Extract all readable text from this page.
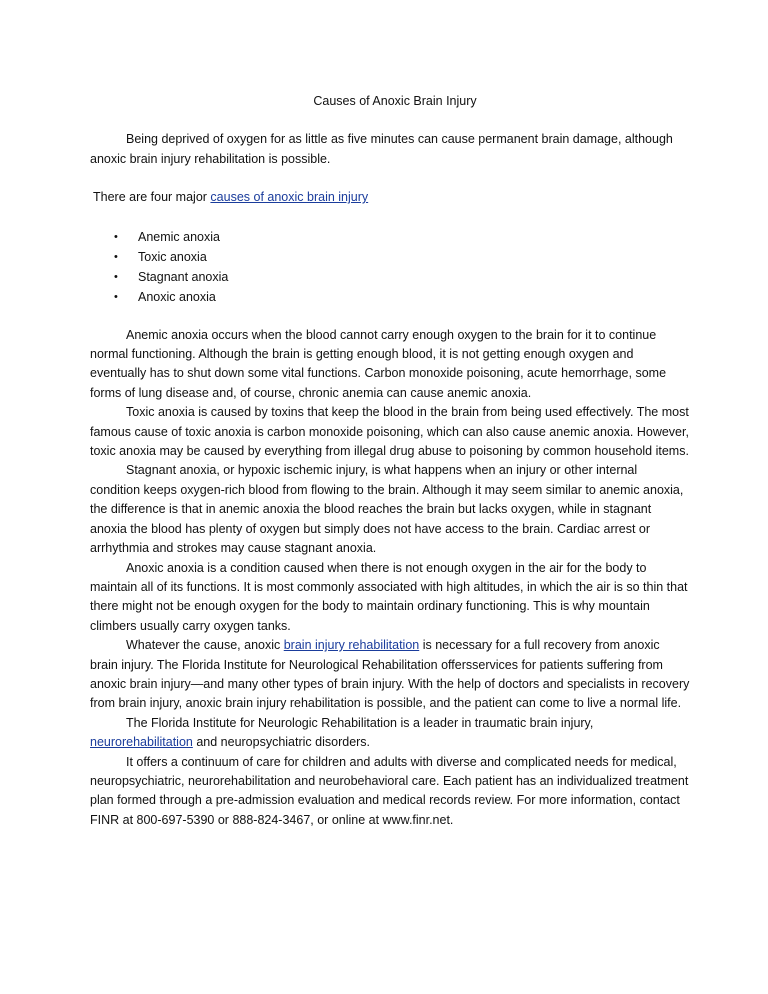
Causes of Anoxic Brain Injury

Being deprived of oxygen for as little as five minutes can cause permanent brain damage, although anoxic brain injury rehabilitation is possible.

There are four major causes of anoxic brain injury

• Anemic anoxia
• Toxic anoxia
• Stagnant anoxia
• Anoxic anoxia

Anemic anoxia occurs when the blood cannot carry enough oxygen to the brain for it to continue normal functioning. Although the brain is getting enough blood, it is not getting enough oxygen and eventually has to shut down some vital functions. Carbon monoxide poisoning, acute hemorrhage, some forms of lung disease and, of course, chronic anemia can cause anemic anoxia.

Toxic anoxia is caused by toxins that keep the blood in the brain from being used effectively. The most famous cause of toxic anoxia is carbon monoxide poisoning, which can also cause anemic anoxia. However, toxic anoxia may be caused by everything from illegal drug abuse to poisoning by common household items.

Stagnant anoxia, or hypoxic ischemic injury, is what happens when an injury or other internal condition keeps oxygen-rich blood from flowing to the brain. Although it may seem similar to anemic anoxia, the difference is that in anemic anoxia the blood reaches the brain but lacks oxygen, while in stagnant anoxia the blood has plenty of oxygen but simply does not have access to the brain. Cardiac arrest or arrhythmia and strokes may cause stagnant anoxia.

Anoxic anoxia is a condition caused when there is not enough oxygen in the air for the body to maintain all of its functions. It is most commonly associated with high altitudes, in which the air is so thin that there might not be enough oxygen for the body to maintain ordinary functioning. This is why mountain climbers usually carry oxygen tanks.

Whatever the cause, anoxic brain injury rehabilitation is necessary for a full recovery from anoxic brain injury. The Florida Institute for Neurological Rehabilitation offersservices for patients suffering from anoxic brain injury—and many other types of brain injury. With the help of doctors and specialists in recovery from brain injury, anoxic brain injury rehabilitation is possible, and the patient can come to live a normal life.

The Florida Institute for Neurologic Rehabilitation is a leader in traumatic brain injury, neurorehabilitation and neuropsychiatric disorders.

It offers a continuum of care for children and adults with diverse and complicated needs for medical, neuropsychiatric, neurorehabilitation and neurobehavioral care. Each patient has an individualized treatment plan formed through a pre-admission evaluation and medical records review. For more information, contact FINR at 800-697-5390 or 888-824-3467, or online at www.finr.net.
